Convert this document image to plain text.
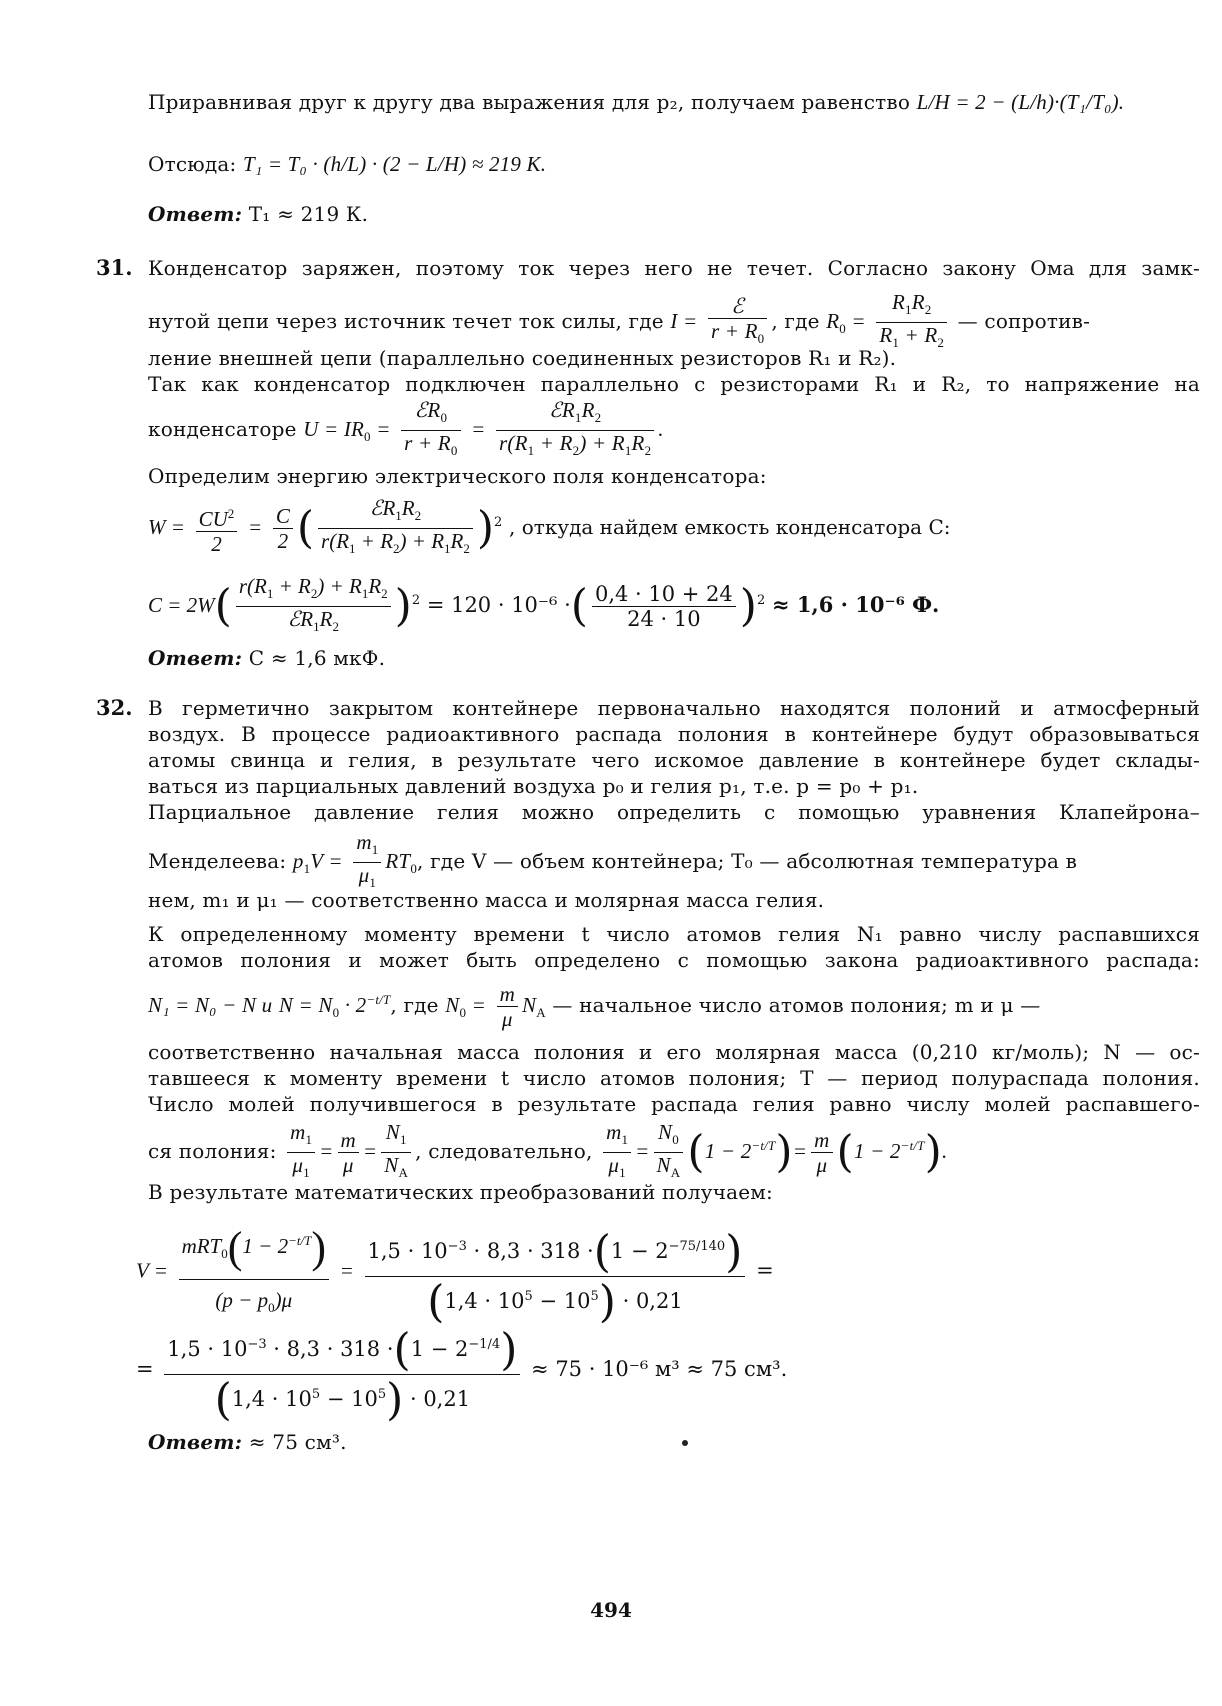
Приравнивая друг к другу два выражения для p₂, получаем равенство L/H = 2 − (L/h)·(T₁/T₀).
Отсюда: T₁ = T₀ · (h/L) · (2 − L/H) ≈ 219 К.
Ответ: T₁ ≈ 219 К.
31. Конденсатор заряжен, поэтому ток через него не течет. Согласно закону Ома для замк-
нутой цепи через источник течет ток силы, где $I = \frac{\text{ℰ}}{r + R_0}$ , где $R_0 = \frac{R_1R_2}{R_1 + R_2}$ — сопротив-
ление внешней цепи (параллельно соединенных резисторов R₁ и R₂).
Так как конденсатор подключен параллельно с резисторами R₁ и R₂, то напряжение на
конденсаторе $U = IR_0 = \frac{ℰR_0}{r + R_0} = \frac{ℰR_1R_2}{r(R_1 + R_2) + R_1R_2}$ .
Определим энергию электрического поля конденсатора:
$W = \frac{CU^2}{2} = \frac{C}{2}$ ( $\frac{ℰR_1R_2}{r(R_1 + R_2) + R_1R_2} )^2$ , откуда найдем емкость конденсатора C:
$C = 2W( \frac{r(R_1 + R_2) + R_1R_2}{ℰR_1R_2} )^2 = 120 \cdot 10^{-6}$ ·( $\frac{0,4 \cdot 10 + 24}{24 \cdot 10} )^2 \approx 1,6 \cdot 10^{-6}$ Ф.
Ответ: C ≈ 1,6 мкФ.
32. В герметично закрытом контейнере первоначально находятся полоний и атмосферный
воздух. В процессе радиоактивного распада полония в контейнере будут образовываться
атомы свинца и гелия, в результате чего искомое давление в контейнере будет склады-
ваться из парциальных давлений воздуха p₀ и гелия p₁, т.е. p = p₀ + p₁.
Парциальное давление гелия можно определить с помощью уравнения Клапейрона–
Менделеева: $p_1V = \frac{m_1}{\mu_1} RT_0$, где V — объем контейнера; T₀ — абсолютная температура в
нем, m₁ и μ₁ — соответственно масса и молярная масса гелия.
К определенному моменту времени t число атомов гелия N₁ равно числу распавшихся
атомов полония и может быть определено с помощью закона радиоактивного распада:
N₁ = N₀ − N и $N = N_0 \cdot 2^{-t/T}$, где $N_0 = \frac{m}{\mu} N_A$ — начальное число атомов полония; m и μ —
соответственно начальная масса полония и его молярная масса (0,210 кг/моль); N — ос-
тавшееся к моменту времени t число атомов полония; T — период полураспада полония.
Число молей получившегося в результате распада гелия равно числу молей распавшего-
ся полония: $\frac{m_1}{\mu_1} = \frac{m}{\mu} = \frac{N_1}{N_A}$ , следовательно, $\frac{m_1}{\mu_1} = \frac{N_0}{N_A} (1 - 2^{-t/T})= \frac{m}{\mu} (1 - 2^{-t/T})$.
В результате математических преобразований получаем:
$V = \frac{mRT_0(1 - 2^{-t/T})}{(p - p_0)\mu} = \frac{1,5 \cdot 10^{-3} \cdot 8,3 \cdot 318 \cdot(1 - 2^{-75/140})}{(1,4 \cdot 10^5 - 10^5) \cdot 0,21}$ =
= $\frac{1,5 \cdot 10^{-3} \cdot 8,3 \cdot 318 \cdot(1 - 2^{-1/4})}{(1,4 \cdot 10^5 - 10^5) \cdot 0,21} \approx 75 \cdot 10^{-6}$ м³ ≈ 75 см³.
Ответ: ≈ 75 см³.
494
